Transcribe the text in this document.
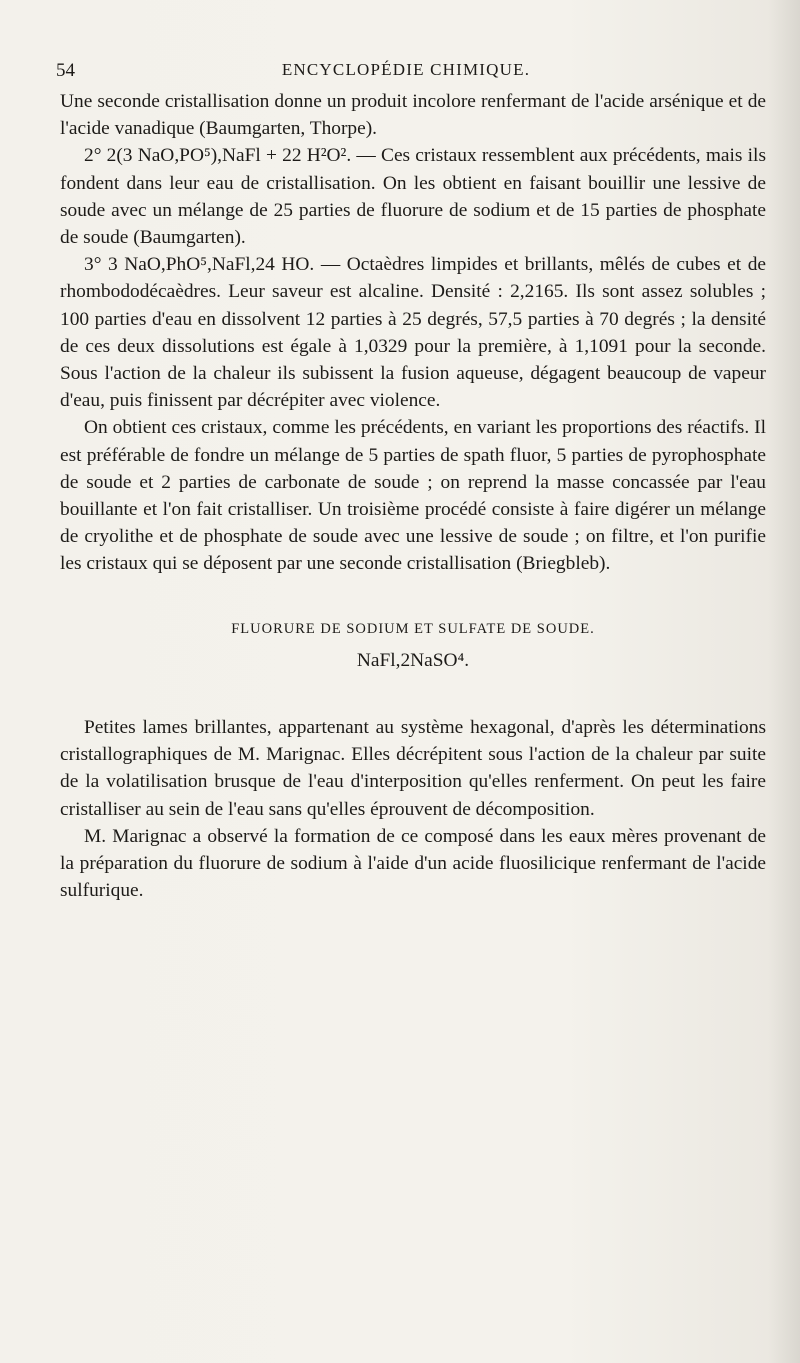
54	ENCYCLOPÉDIE CHIMIQUE.

Une seconde cristallisation donne un produit incolore renfermant de l'acide arsénique et de l'acide vanadique (Baumgarten, Thorpe).

2° 2(3 NaO,PO⁵),NaFl + 22 H²O². — Ces cristaux ressemblent aux précédents, mais ils fondent dans leur eau de cristallisation. On les obtient en faisant bouillir une lessive de soude avec un mélange de 25 parties de fluorure de sodium et de 15 parties de phosphate de soude (Baumgarten).

3° 3 NaO,PhO⁵,NaFl,24 HO. — Octaèdres limpides et brillants, mêlés de cubes et de rhombododécaèdres. Leur saveur est alcaline. Densité : 2,2165. Ils sont assez solubles ; 100 parties d'eau en dissolvent 12 parties à 25 degrés, 57,5 parties à 70 degrés ; la densité de ces deux dissolutions est égale à 1,0329 pour la première, à 1,1091 pour la seconde. Sous l'action de la chaleur ils subissent la fusion aqueuse, dégagent beaucoup de vapeur d'eau, puis finissent par décrépiter avec violence.

On obtient ces cristaux, comme les précédents, en variant les proportions des réactifs. Il est préférable de fondre un mélange de 5 parties de spath fluor, 5 parties de pyrophosphate de soude et 2 parties de carbonate de soude ; on reprend la masse concassée par l'eau bouillante et l'on fait cristalliser. Un troisième procédé consiste à faire digérer un mélange de cryolithe et de phosphate de soude avec une lessive de soude ; on filtre, et l'on purifie les cristaux qui se déposent par une seconde cristallisation (Briegbleb).

FLUORURE DE SODIUM ET SULFATE DE SOUDE.
NaFl,2NaSO⁴.

Petites lames brillantes, appartenant au système hexagonal, d'après les déterminations cristallographiques de M. Marignac. Elles décrépitent sous l'action de la chaleur par suite de la volatilisation brusque de l'eau d'interposition qu'elles renferment. On peut les faire cristalliser au sein de l'eau sans qu'elles éprouvent de décomposition.

M. Marignac a observé la formation de ce composé dans les eaux mères provenant de la préparation du fluorure de sodium à l'aide d'un acide fluosilicique renfermant de l'acide sulfurique.
